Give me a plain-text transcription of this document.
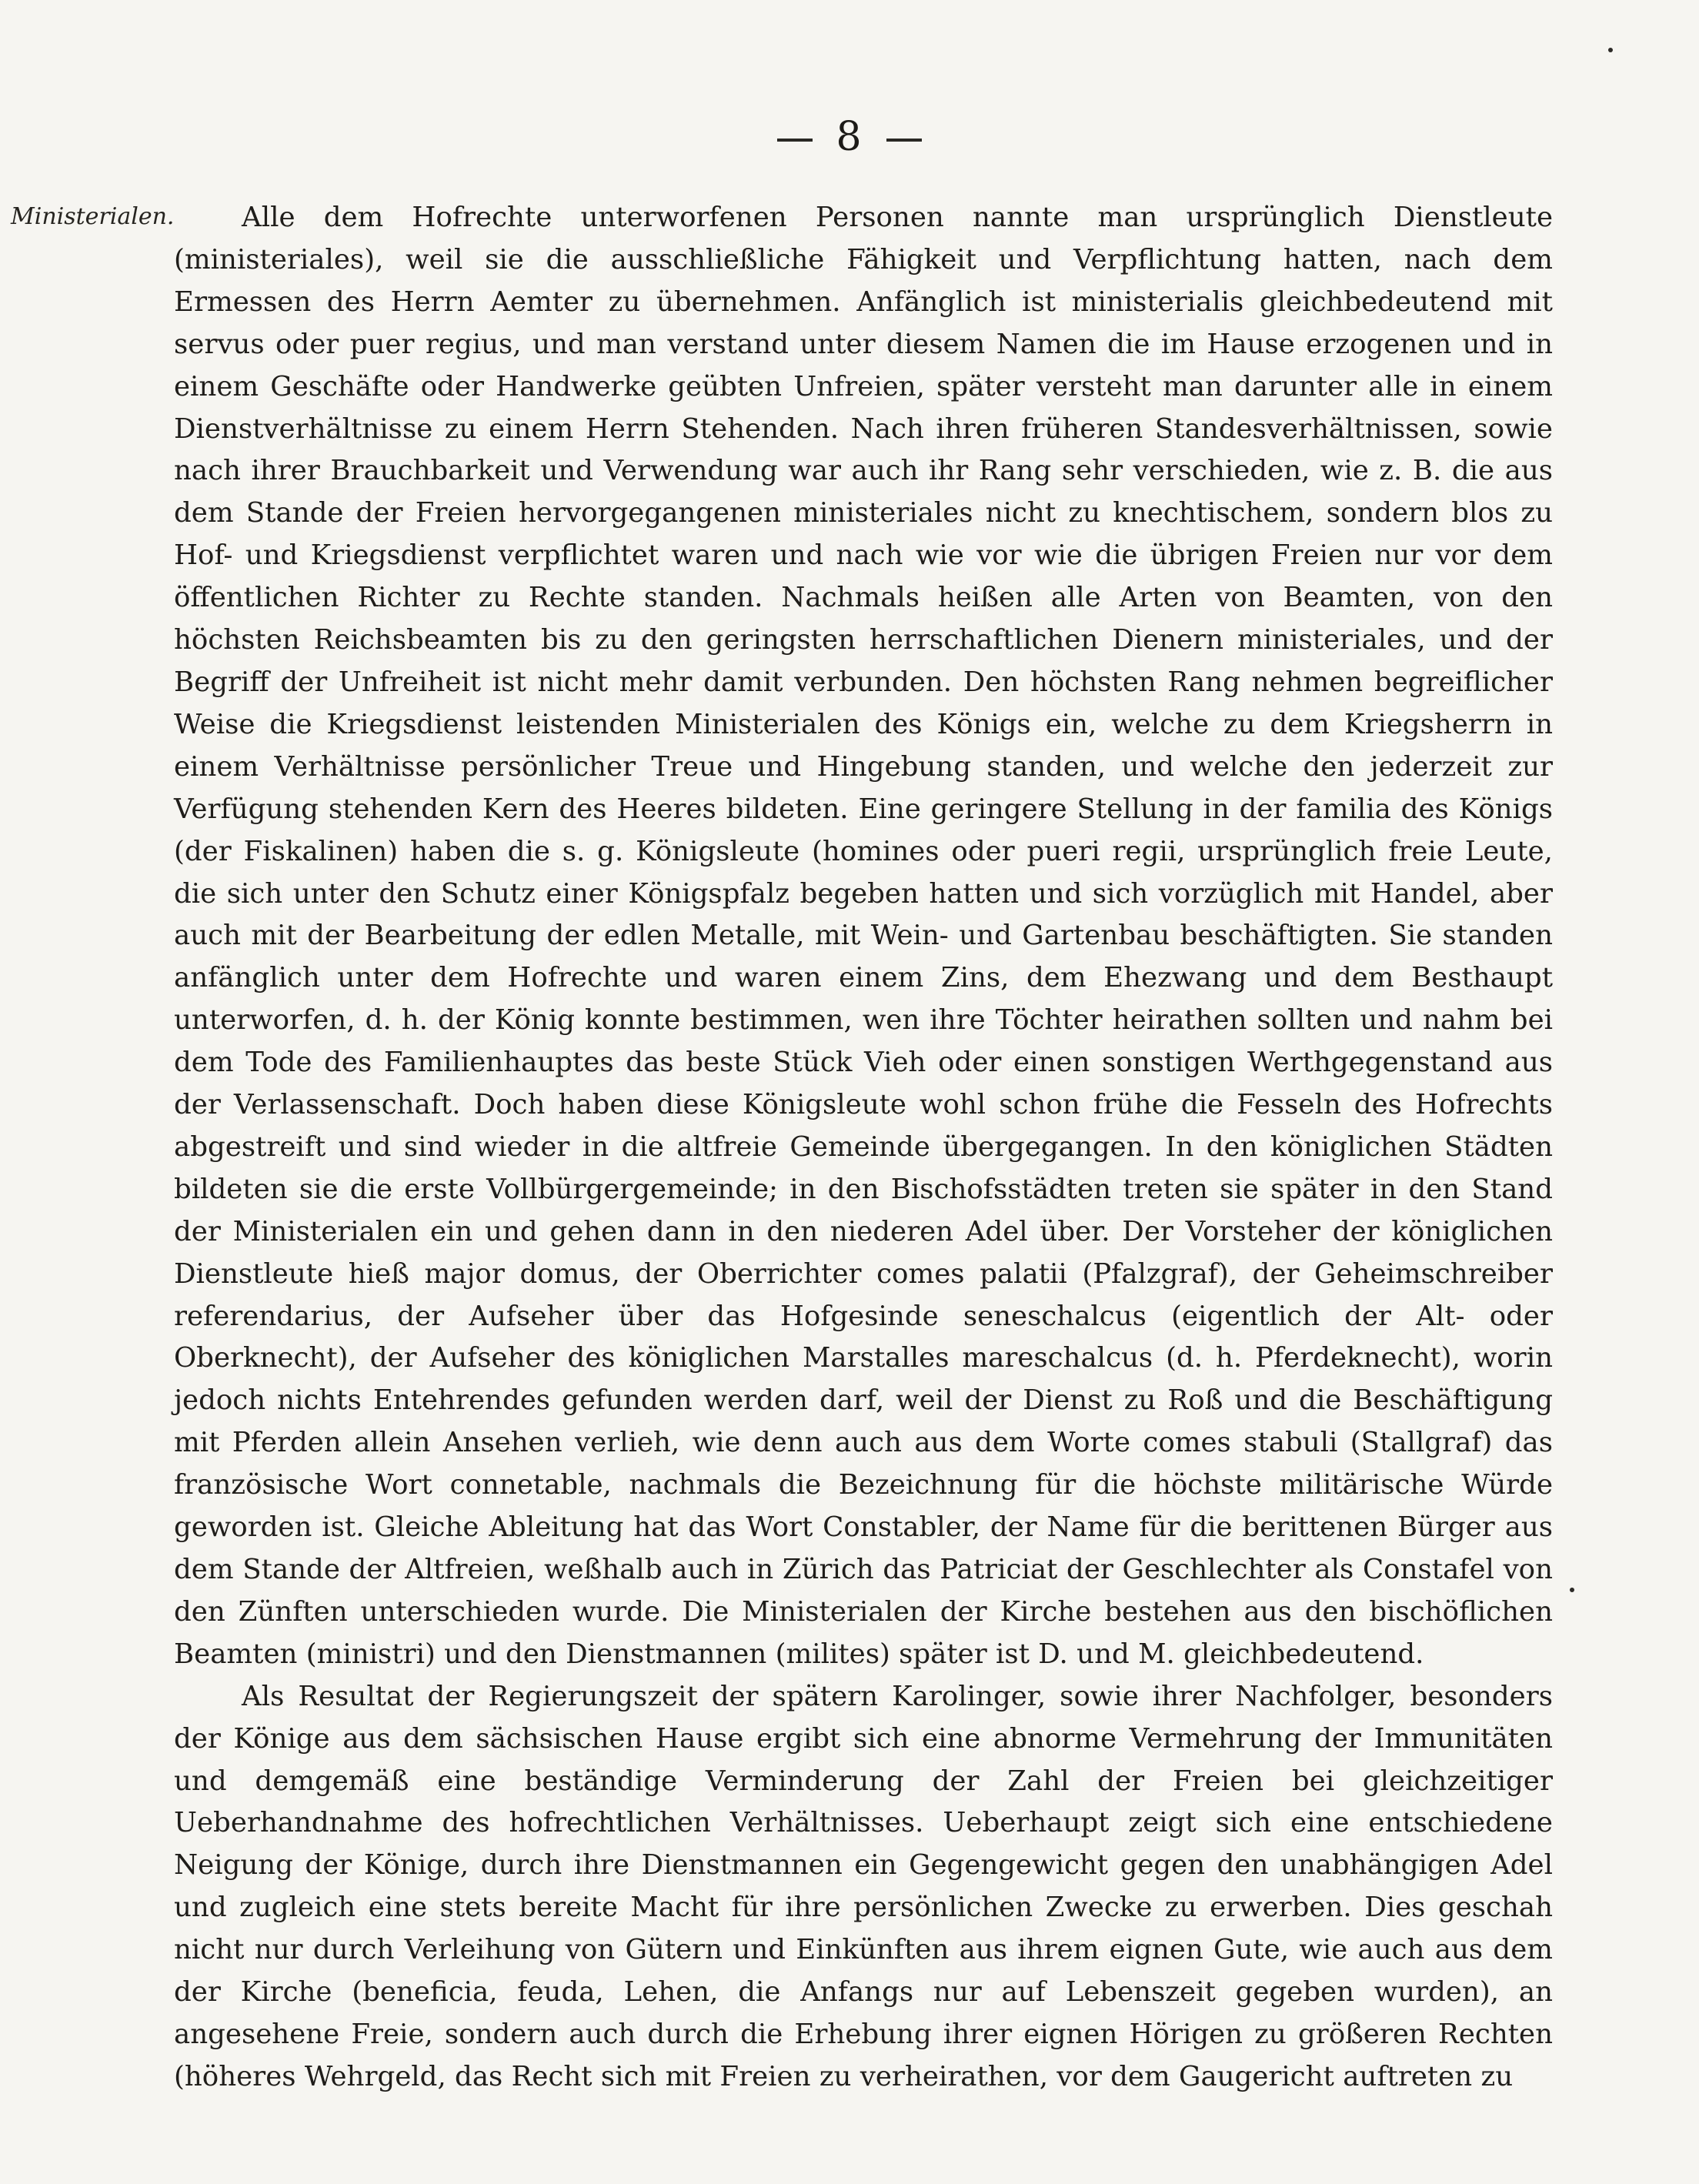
8
Ministerialen.	Alle dem Hofrechte unterworfenen Personen nannte man ursprünglich Dienstleute (ministeriales), weil sie die ausschließliche Fähigkeit und Verpflichtung hatten, nach dem Ermessen des Herrn Aemter zu übernehmen. Anfänglich ist ministerialis gleichbedeutend mit servus oder puer regius, und man verstand unter diesem Namen die im Hause erzogenen und in einem Geschäfte oder Handwerke geübten Unfreien, später versteht man darunter alle in einem Dienstverhältnisse zu einem Herrn Stehenden. Nach ihren früheren Standesverhältnissen, sowie nach ihrer Brauchbarkeit und Verwendung war auch ihr Rang sehr verschieden, wie z. B. die aus dem Stande der Freien hervorgegangenen ministeriales nicht zu knechtischem, sondern blos zu Hof- und Kriegsdienst verpflichtet waren und nach wie vor wie die übrigen Freien nur vor dem öffentlichen Richter zu Rechte standen. Nachmals heißen alle Arten von Beamten, von den höchsten Reichsbeamten bis zu den geringsten herrschaftlichen Dienern ministeriales, und der Begriff der Unfreiheit ist nicht mehr damit verbunden. Den höchsten Rang nehmen begreiflicher Weise die Kriegsdienst leistenden Ministerialen des Königs ein, welche zu dem Kriegsherrn in einem Verhältnisse persönlicher Treue und Hingebung standen, und welche den jederzeit zur Verfügung stehenden Kern des Heeres bildeten. Eine geringere Stellung in der familia des Königs (der Fiskalinen) haben die s. g. Königsleute (homines oder pueri regii, ursprünglich freie Leute, die sich unter den Schutz einer Königspfalz begeben hatten und sich vorzüglich mit Handel, aber auch mit der Bearbeitung der edlen Metalle, mit Wein- und Gartenbau beschäftigten. Sie standen anfänglich unter dem Hofrechte und waren einem Zins, dem Ehezwang und dem Besthaupt unterworfen, d. h. der König konnte bestimmen, wen ihre Töchter heirathen sollten und nahm bei dem Tode des Familienhauptes das beste Stück Vieh oder einen sonstigen Werthgegenstand aus der Verlassenschaft. Doch haben diese Königsleute wohl schon frühe die Fesseln des Hofrechts abgestreift und sind wieder in die altfreie Gemeinde übergegangen. In den königlichen Städten bildeten sie die erste Vollbürgergemeinde; in den Bischofsstädten treten sie später in den Stand der Ministerialen ein und gehen dann in den niederen Adel über. Der Vorsteher der königlichen Dienstleute hieß major domus, der Oberrichter comes palatii (Pfalzgraf), der Geheimschreiber referendarius, der Aufseher über das Hofgesinde seneschalcus (eigentlich der Alt- oder Oberknecht), der Aufseher des königlichen Marstalles mareschalcus (d. h. Pferdeknecht), worin jedoch nichts Entehrendes gefunden werden darf, weil der Dienst zu Roß und die Beschäftigung mit Pferden allein Ansehen verlieh, wie denn auch aus dem Worte comes stabuli (Stallgraf) das französische Wort connetable, nachmals die Bezeichnung für die höchste militärische Würde geworden ist. Gleiche Ableitung hat das Wort Constabler, der Name für die berittenen Bürger aus dem Stande der Altfreien, weßhalb auch in Zürich das Patriciat der Geschlechter als Constafel von den Zünften unterschieden wurde. Die Ministerialen der Kirche bestehen aus den bischöflichen Beamten (ministri) und den Dienstmannen (milites) später ist D. und M. gleichbedeutend.

Als Resultat der Regierungszeit der spätern Karolinger, sowie ihrer Nachfolger, besonders der Könige aus dem sächsischen Hause ergibt sich eine abnorme Vermehrung der Immunitäten und demgemäß eine beständige Verminderung der Zahl der Freien bei gleichzeitiger Ueberhandnahme des hofrechtlichen Verhältnisses. Ueberhaupt zeigt sich eine entschiedene Neigung der Könige, durch ihre Dienstmannen ein Gegengewicht gegen den unabhängigen Adel und zugleich eine stets bereite Macht für ihre persönlichen Zwecke zu erwerben. Dies geschah nicht nur durch Verleihung von Gütern und Einkünften aus ihrem eignen Gute, wie auch aus dem der Kirche (beneficia, feuda, Lehen, die Anfangs nur auf Lebenszeit gegeben wurden), an angesehene Freie, sondern auch durch die Erhebung ihrer eignen Hörigen zu größeren Rechten (höheres Wehrgeld, das Recht sich mit Freien zu verheirathen, vor dem Gaugericht auftreten zu
